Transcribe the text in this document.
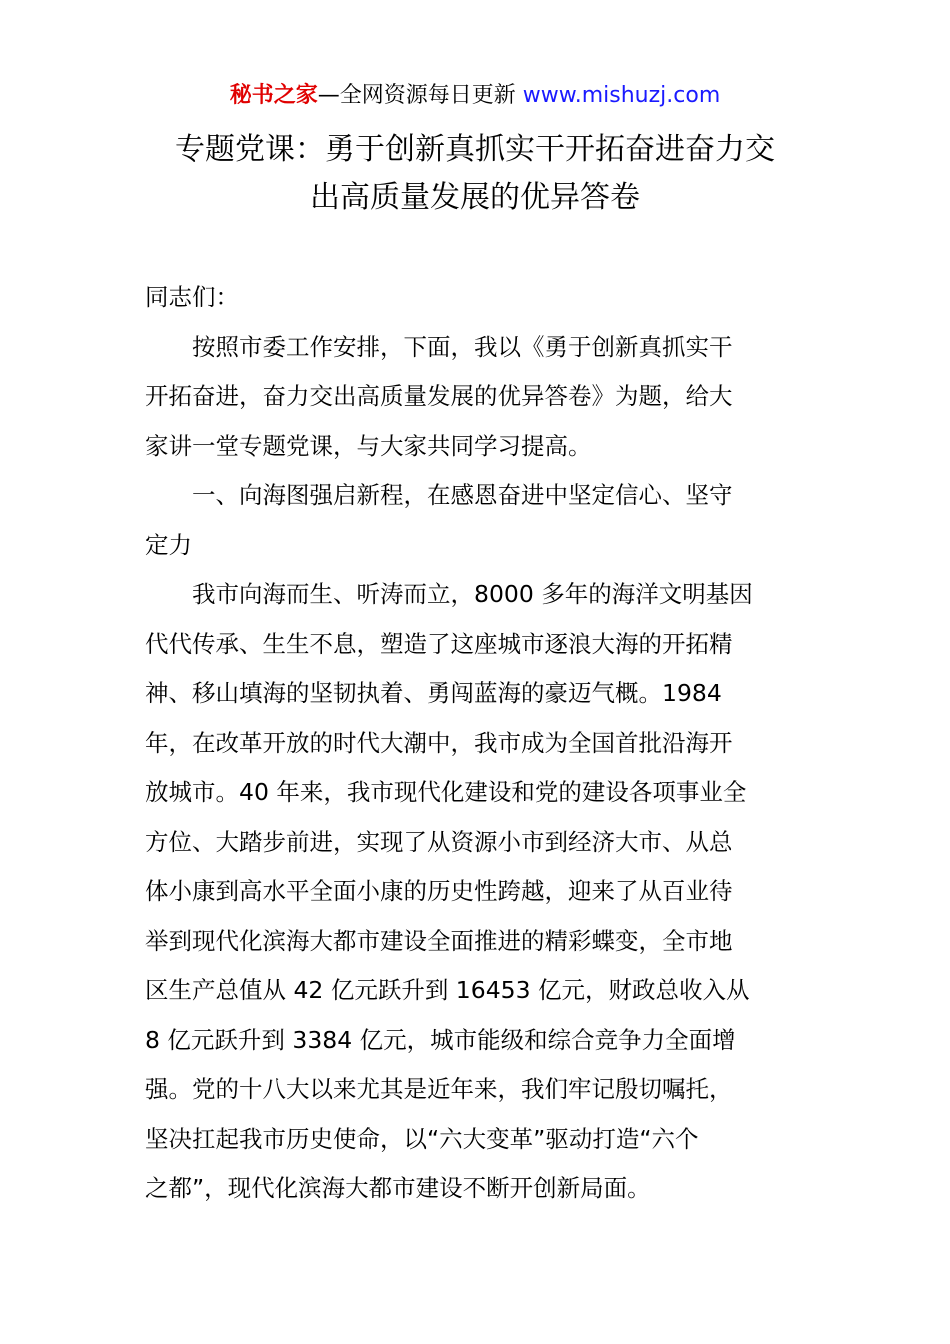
秘书之家—全网资源每日更新 www.mishuzj.com
专题党课：勇于创新真抓实干开拓奋进奋力交
出高质量发展的优异答卷
同志们：
按照市委工作安排，下面，我以《勇于创新真抓实干
开拓奋进，奋力交出高质量发展的优异答卷》为题，给大
家讲一堂专题党课，与大家共同学习提高。
一、向海图强启新程，在感恩奋进中坚定信心、坚守
定力
我市向海而生、听涛而立，8000 多年的海洋文明基因
代代传承、生生不息，塑造了这座城市逐浪大海的开拓精
神、移山填海的坚韧执着、勇闯蓝海的豪迈气概。1984
年，在改革开放的时代大潮中，我市成为全国首批沿海开
放城市。40 年来，我市现代化建设和党的建设各项事业全
方位、大踏步前进，实现了从资源小市到经济大市、从总
体小康到高水平全面小康的历史性跨越，迎来了从百业待
举到现代化滨海大都市建设全面推进的精彩蝶变，全市地
区生产总值从 42 亿元跃升到 16453 亿元，财政总收入从
8 亿元跃升到 3384 亿元，城市能级和综合竞争力全面增
强。党的十八大以来尤其是近年来，我们牢记殷切嘱托，
坚决扛起我市历史使命，以“六大变革”驱动打造“六个
之都”，现代化滨海大都市建设不断开创新局面。
